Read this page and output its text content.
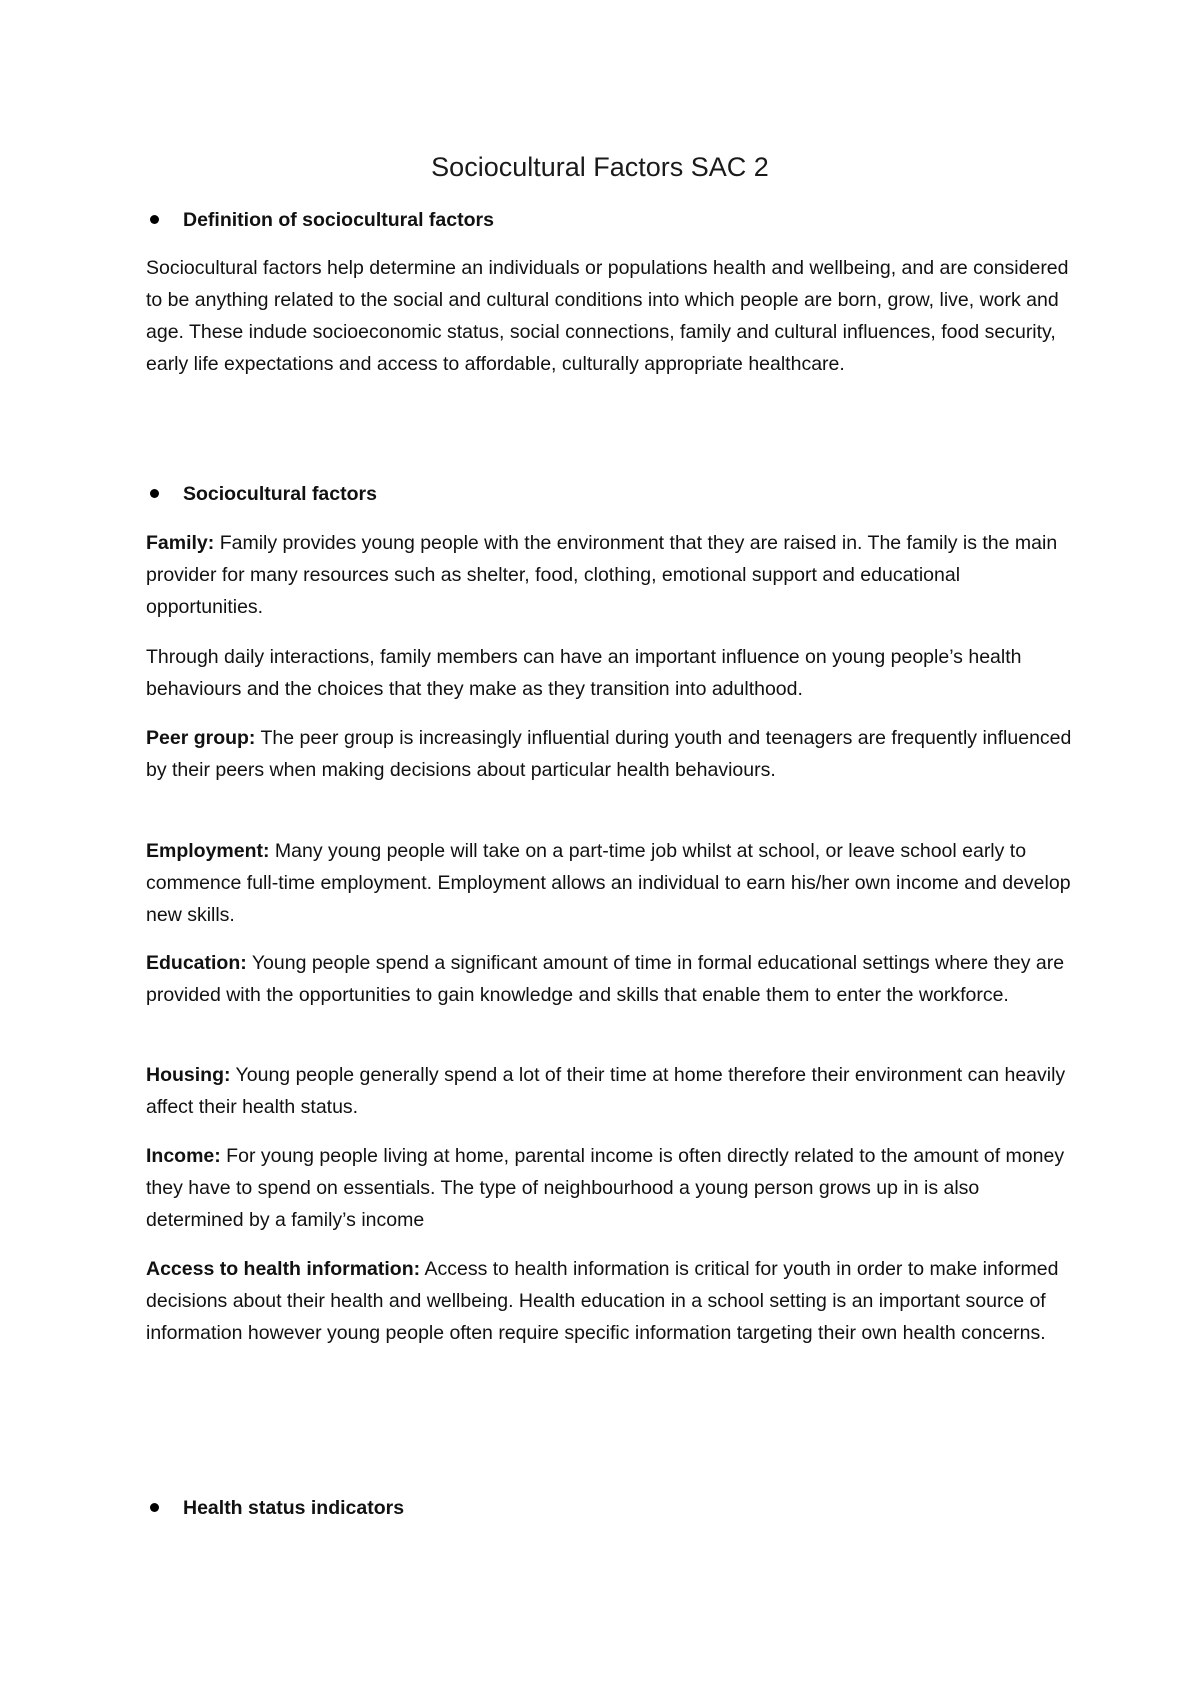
Sociocultural Factors SAC 2
Definition of sociocultural factors

Sociocultural factors help determine an individuals or populations health and wellbeing, and are considered to be anything related to the social and cultural conditions into which people are born, grow, live, work and age. These indude socioeconomic status, social connections, family and cultural influences, food security, early life expectations and access to affordable, culturally appropriate healthcare.

Sociocultural factors

Family: Family provides young people with the environment that they are raised in. The family is the main provider for many resources such as shelter, food, clothing, emotional support and educational opportunities.

Through daily interactions, family members can have an important influence on young people’s health behaviours and the choices that they make as they transition into adulthood.

Peer group: The peer group is increasingly influential during youth and teenagers are frequently influenced by their peers when making decisions about particular health behaviours.

Employment: Many young people will take on a part-time job whilst at school, or leave school early to commence full-time employment. Employment allows an individual to earn his/her own income and develop new skills.

Education: Young people spend a significant amount of time in formal educational settings where they are provided with the opportunities to gain knowledge and skills that enable them to enter the workforce.

Housing: Young people generally spend a lot of their time at home therefore their environment can heavily affect their health status.

Income: For young people living at home, parental income is often directly related to the amount of money they have to spend on essentials. The type of neighbourhood a young person grows up in is also determined by a family’s income

Access to health information: Access to health information is critical for youth in order to make informed decisions about their health and wellbeing. Health education in a school setting is an important source of information however young people often require specific information targeting their own health concerns.

Health status indicators
